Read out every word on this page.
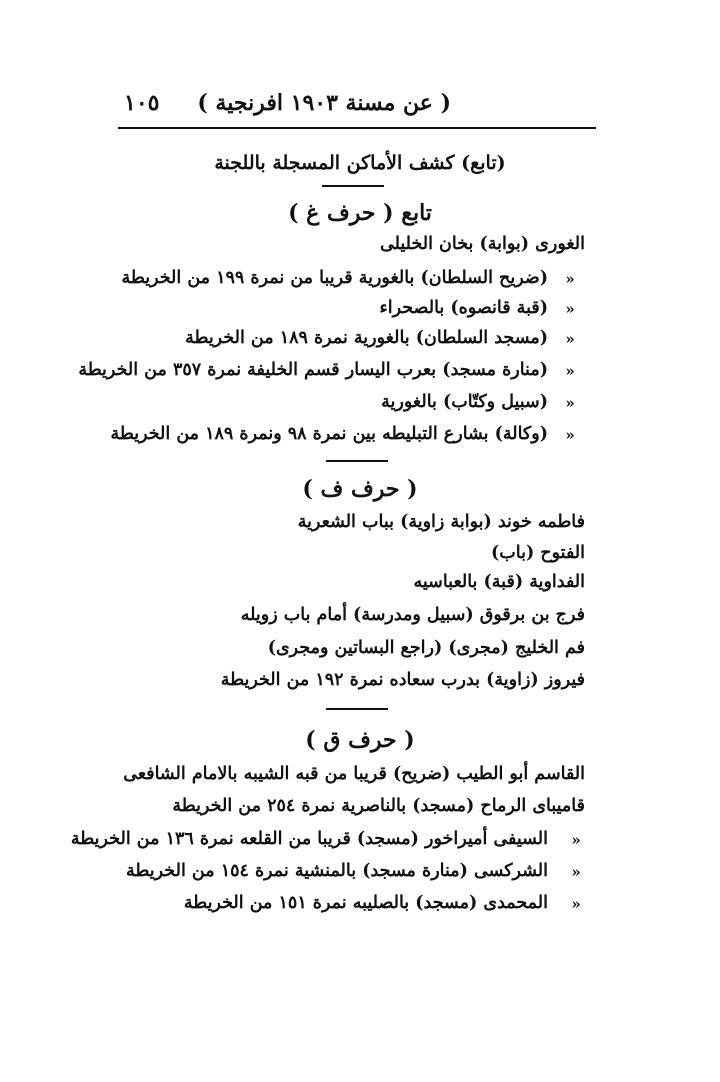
( عن مسنة ١٩٠٣ افرنجية )
١٠٥
(تابع) كشف الأماكن المسجلة باللجنة
تابع ( حرف غ )
الغورى (بوابة) بخان الخليلى
«
(ضريح السلطان) بالغورية قريبا من نمرة ١٩٩ من الخريطة
«
(قبة قانصوه) بالصحراء
«
(مسجد السلطان) بالغورية نمرة ١٨٩ من الخريطة
«
(منارة مسجد) بعرب اليسار قسم الخليفة نمرة ٣٥٧ من الخريطة
«
(سبيل وكتّاب) بالغورية
«
(وكالة) بشارع التبليطه بين نمرة ٩٨ ونمرة ١٨٩ من الخريطة
( حرف ف )
فاطمه خوند (بوابة زاوية) بباب الشعرية
الفتوح (باب)
الفداوية (قبة) بالعباسيه
فرج بن برقوق (سبيل ومدرسة) أمام باب زويله
فم الخليج (مجرى) (راجع البساتين ومجرى)
فيروز (زاوية) بدرب سعاده نمرة ١٩٢ من الخريطة
( حرف ق )
القاسم أبو الطيب (ضريح) قريبا من قبه الشيبه بالامام الشافعى
قاميباى الرماح (مسجد) بالناصرية نمرة ٢٥٤ من الخريطة
«
السيفى أميراخور (مسجد) قريبا من القلعه نمرة ١٣٦ من الخريطة
«
الشركسى (منارة مسجد) بالمنشية نمرة ١٥٤ من الخريطة
«
المحمدى (مسجد) بالصليبه نمرة ١٥١ من الخريطة
